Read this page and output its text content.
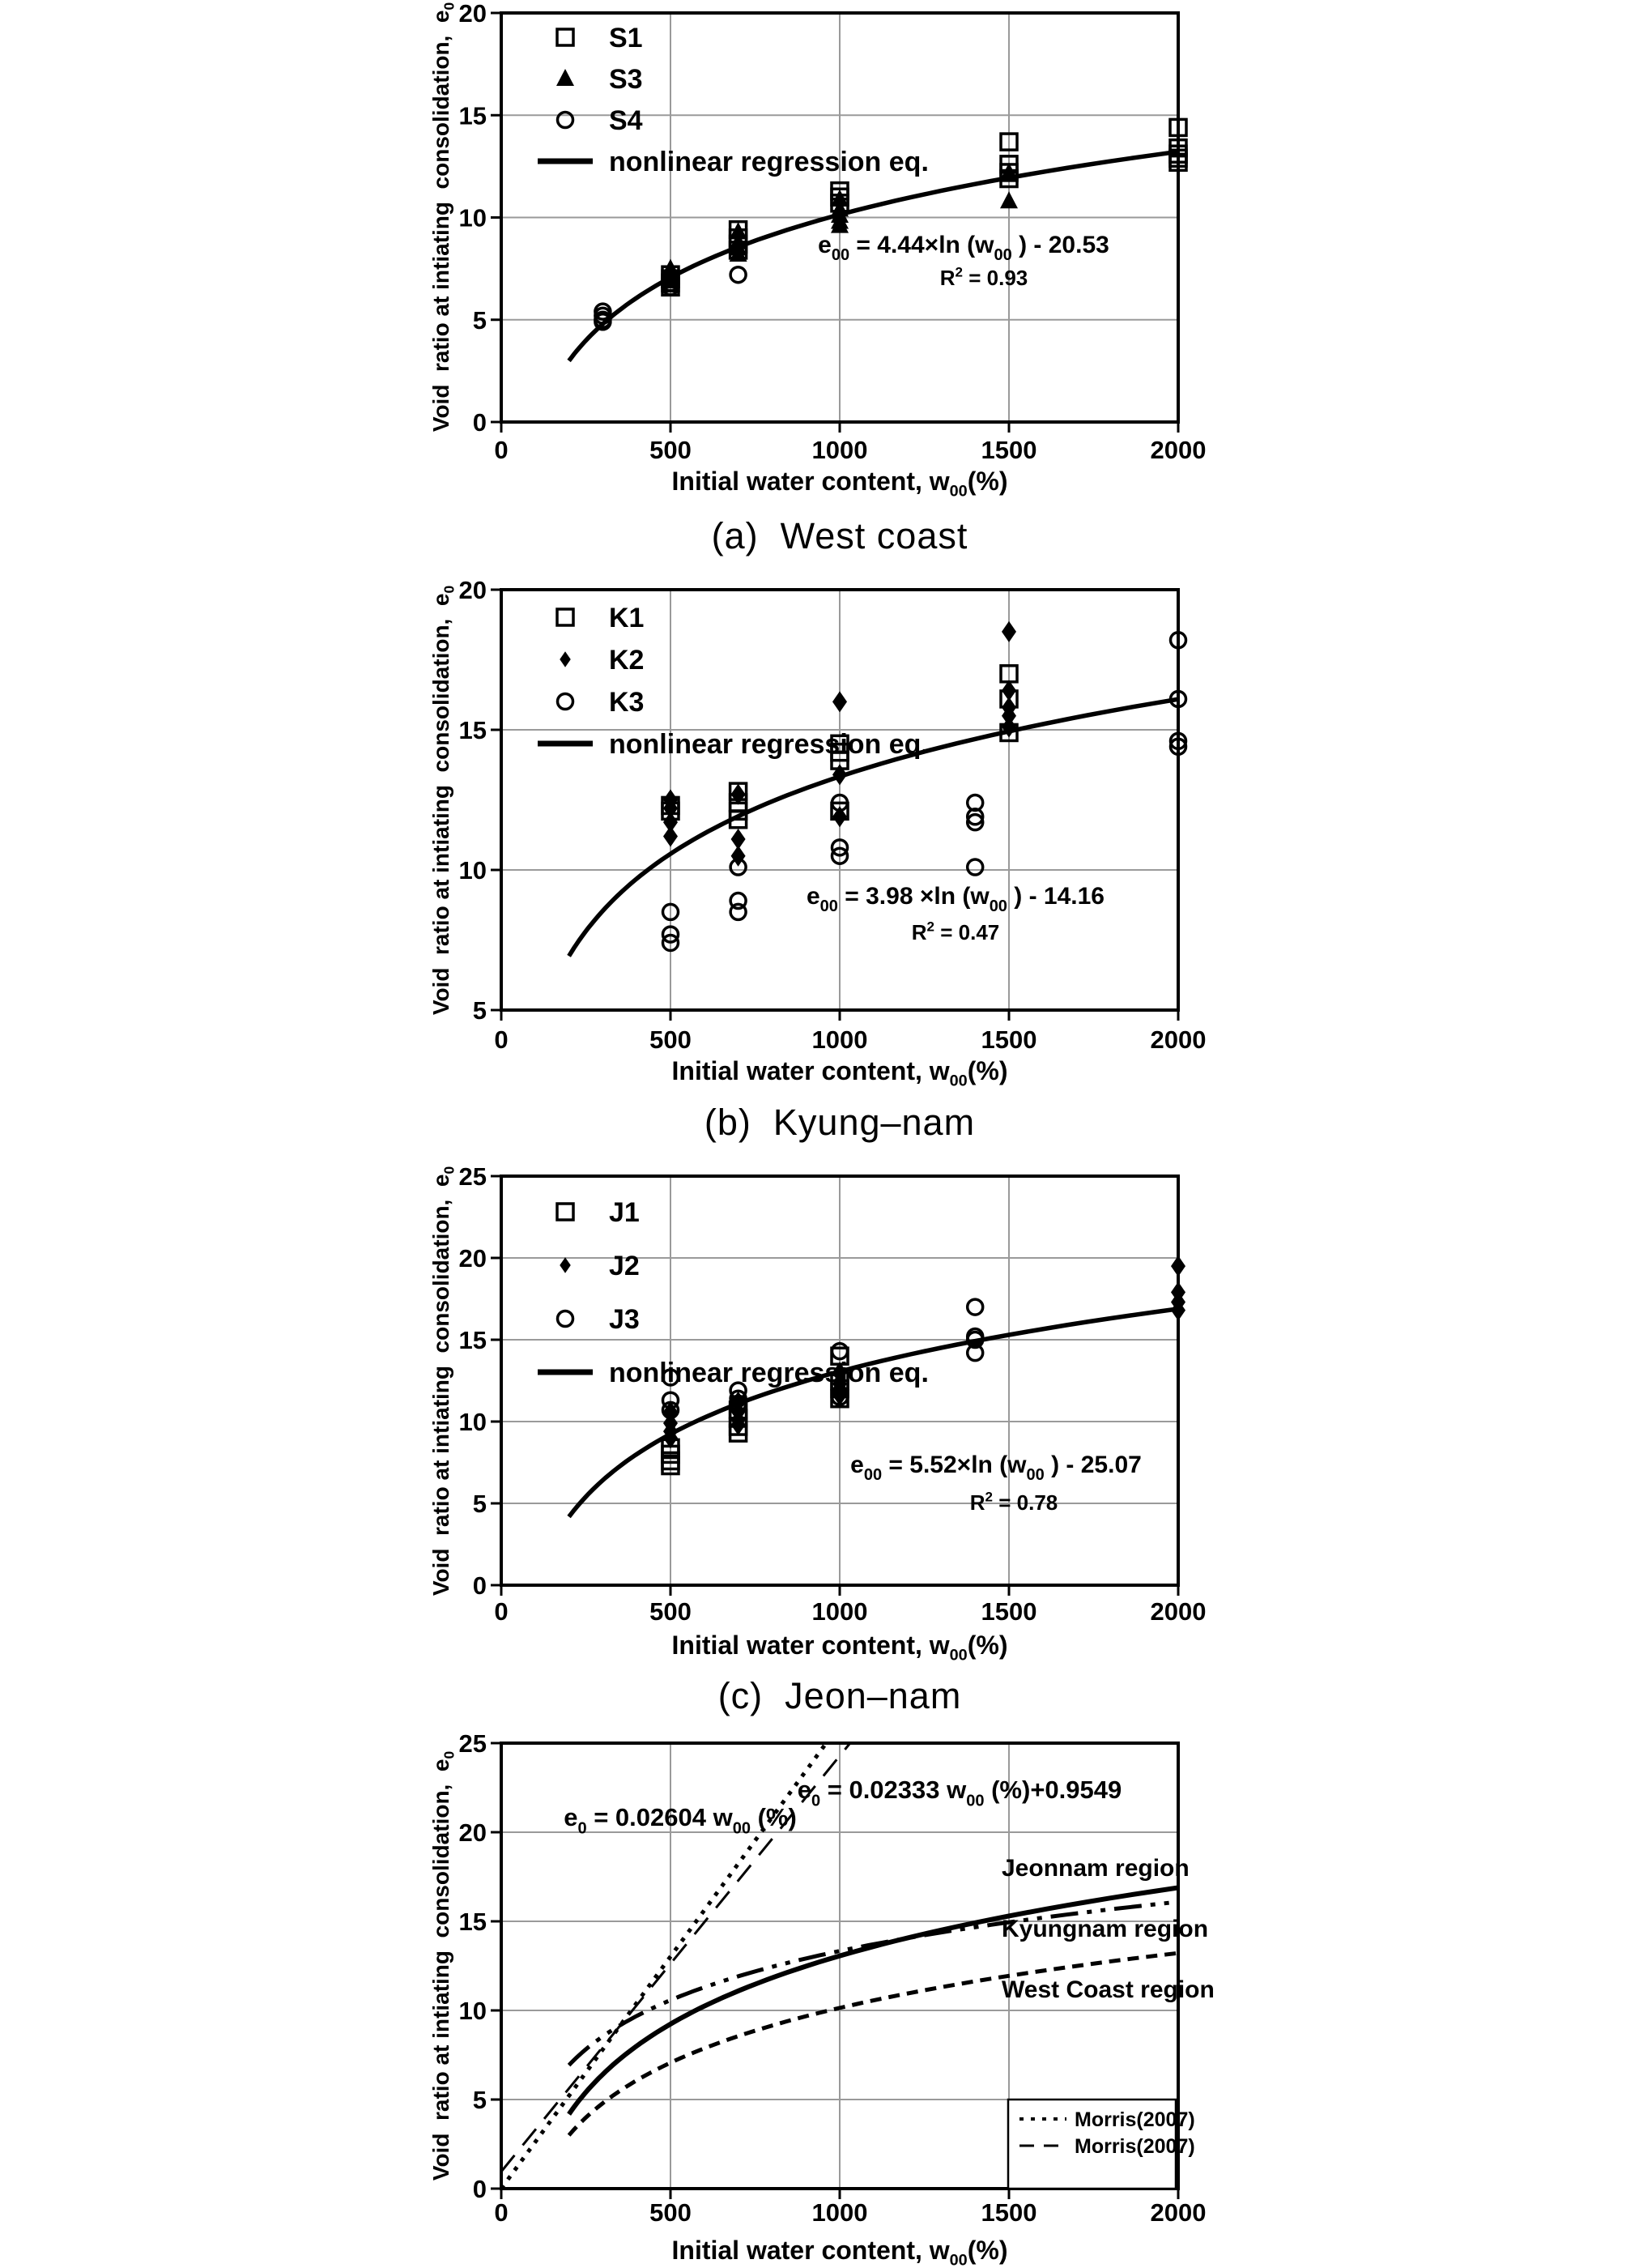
0	500	1000	1500	2000
0
5
10
15
20
S1
S3
S4
nonlinear regression eq.
$e_{00} = 4.44\times\ln$ ($w_{00}$ ) - 20.53
$R^2 = 0.93$
0	500	1000	1500	2000
5
10
15
20
K1
K2
K3
nonlinear regression eq.
$e_{00} = 3.98 \times\ln$ ($w_{00}$ ) - 14.16
$R^2 = 0.47$
0	500	1000	1500	2000
0
5
10
15
20
25
J1
J2
J3
nonlinear regression eq.
$e_{00} = 5.52\times\ln$ ($w_{00}$ ) - 25.07
$R^2 = 0.78$
0	500	1000	1500	2000
0
5
10
15
20
25
Jeonnam region
Kyungnam region
West Coast region
$e_0 = 0.02604$ $w_{00}$ (%)
$e_0 = 0.02333$ $w_{00}$ (%)+0.9549
Morris(2007)
Morris(2007)
Void  ratio at intiating  consolidation,  $e_0$
Void  ratio at intiating  consolidation,  $e_0$
Void  ratio at intiating  consolidation,  $e_0$
Void  ratio at intiating  consolidation,  $e_0$
Initial water content, $w_{00}(\%)$
Initial water content, $w_{00}(\%)$
Initial water content, $w_{00}(\%)$
Initial water content, $w_{00}(\%)$
(a)  West coast
(b)  Kyung–nam
(c)  Jeon–nam
